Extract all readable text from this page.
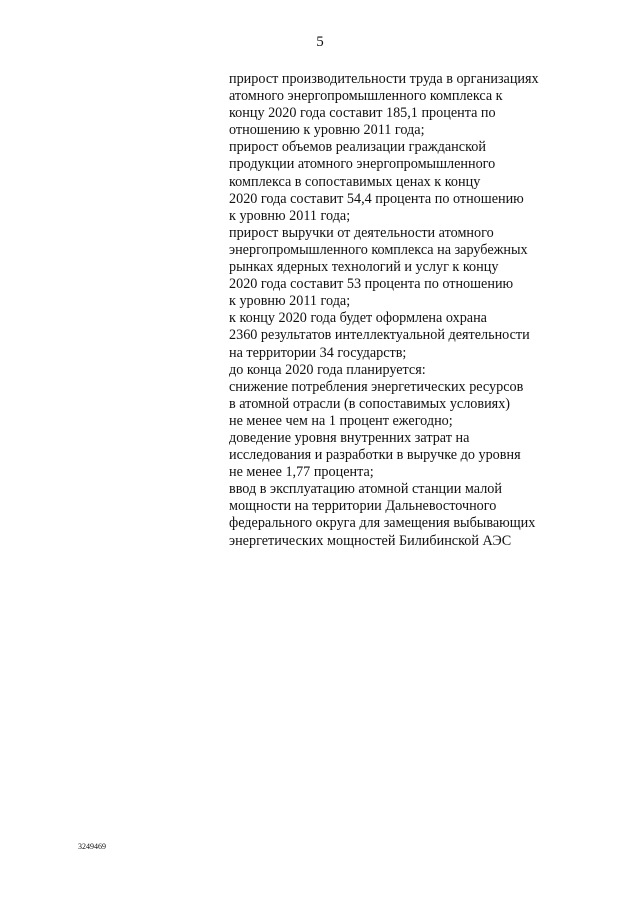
5
прирост производительности труда в организациях
атомного энергопромышленного комплекса к
концу 2020 года составит 185,1 процента по
отношению к уровню 2011 года;
прирост объемов реализации гражданской
продукции атомного энергопромышленного
комплекса в сопоставимых ценах к концу
2020 года составит 54,4 процента по отношению
к уровню 2011 года;
прирост выручки от деятельности атомного
энергопромышленного комплекса на зарубежных
рынках ядерных технологий и услуг к концу
2020 года составит 53 процента по отношению
к уровню 2011 года;
к концу 2020 года будет оформлена охрана
2360 результатов интеллектуальной деятельности
на территории 34 государств;
до конца 2020 года планируется:
снижение потребления энергетических ресурсов
в атомной отрасли (в сопоставимых условиях)
не менее чем на 1 процент ежегодно;
доведение уровня внутренних затрат на
исследования и разработки в выручке до уровня
не менее 1,77 процента;
ввод в эксплуатацию атомной станции малой
мощности на территории Дальневосточного
федерального округа для замещения выбывающих
энергетических мощностей Билибинской АЭС
3249469
